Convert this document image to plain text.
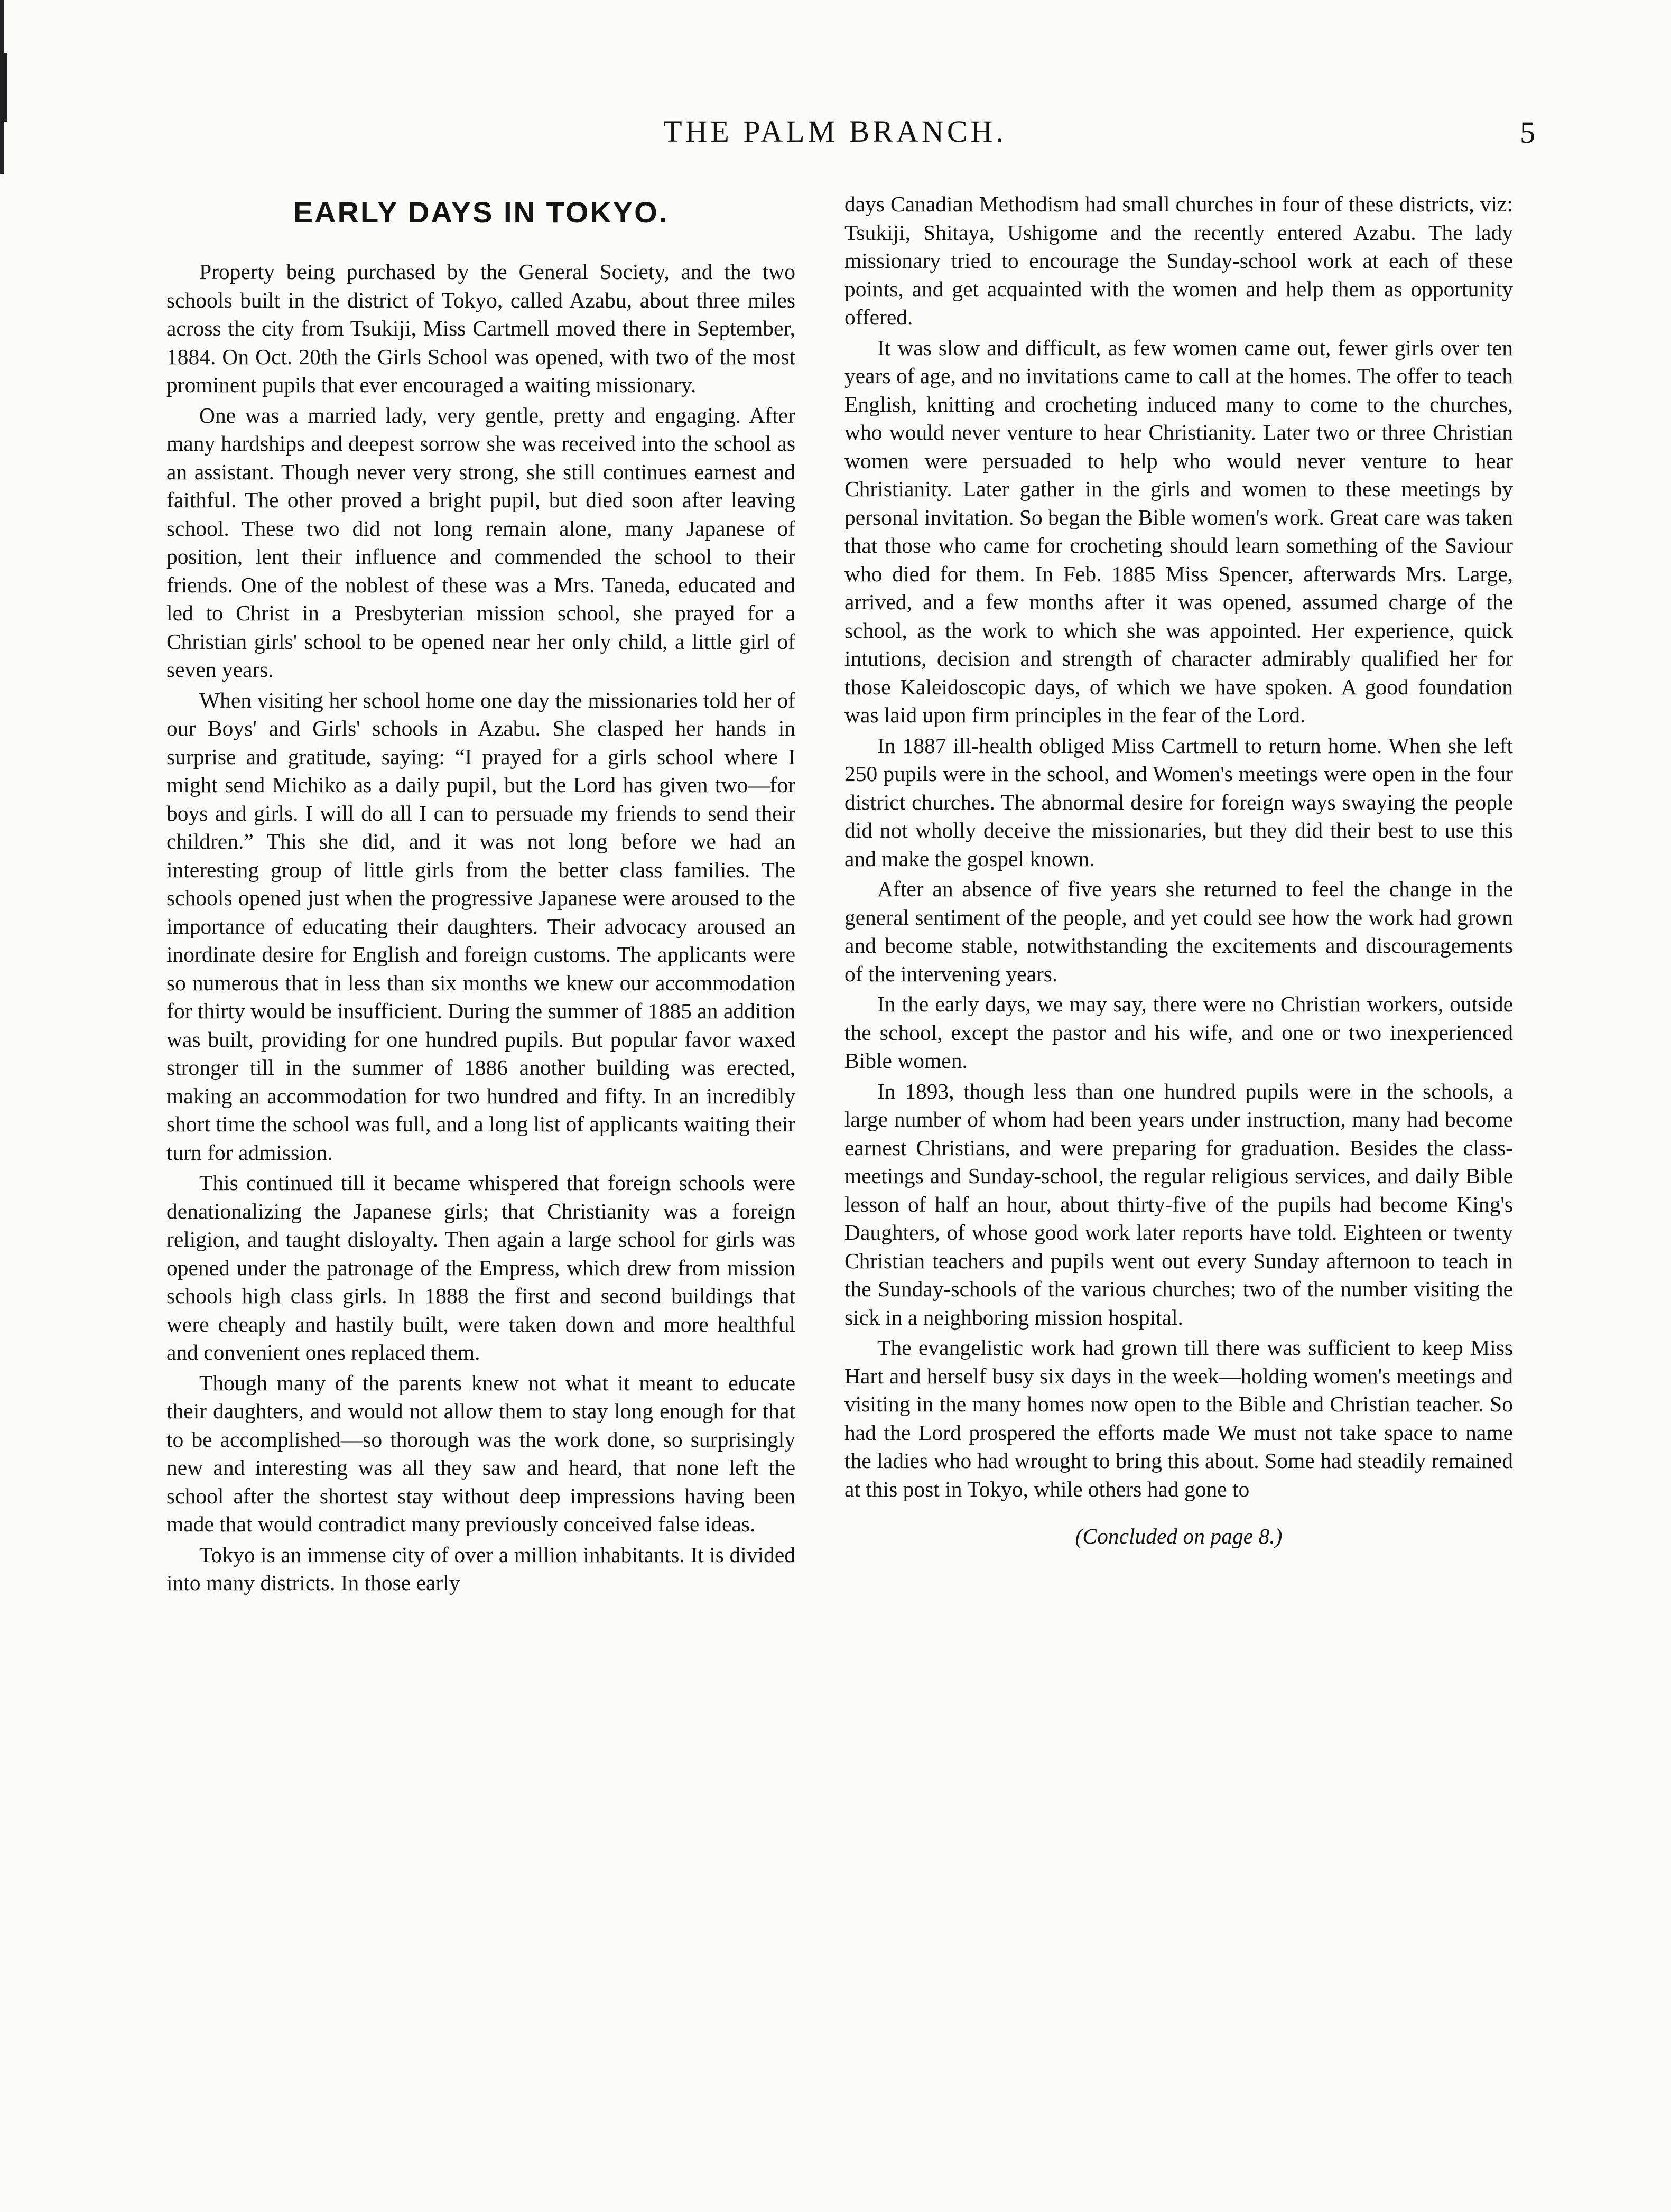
THE PALM BRANCH.	5
EARLY DAYS IN TOKYO.

Property being purchased by the General Society, and the two schools built in the district of Tokyo, called Azabu, about three miles across the city from Tsukiji, Miss Cartmell moved there in September, 1884. On Oct. 20th the Girls School was opened, with two of the most prominent pupils that ever encouraged a waiting missionary.

One was a married lady, very gentle, pretty and engaging. After many hardships and deepest sorrow she was received into the school as an assistant. Though never very strong, she still continues earnest and faithful. The other proved a bright pupil, but died soon after leaving school. These two did not long remain alone, many Japanese of position, lent their influence and commended the school to their friends. One of the noblest of these was a Mrs. Taneda, educated and led to Christ in a Presbyterian mission school, she prayed for a Christian girls' school to be opened near her only child, a little girl of seven years.

When visiting her school home one day the missionaries told her of our Boys' and Girls' schools in Azabu. She clasped her hands in surprise and gratitude, saying: “I prayed for a girls school where I might send Michiko as a daily pupil, but the Lord has given two—for boys and girls. I will do all I can to persuade my friends to send their children.” This she did, and it was not long before we had an interesting group of little girls from the better class families. The schools opened just when the progressive Japanese were aroused to the importance of educating their daughters. Their advocacy aroused an inordinate desire for English and foreign customs. The applicants were so numerous that in less than six months we knew our accommodation for thirty would be insufficient. During the summer of 1885 an addition was built, providing for one hundred pupils. But popular favor waxed stronger till in the summer of 1886 another building was erected, making an accommodation for two hundred and fifty. In an incredibly short time the school was full, and a long list of applicants waiting their turn for admission.

This continued till it became whispered that foreign schools were denationalizing the Japanese girls; that Christianity was a foreign religion, and taught disloyalty. Then again a large school for girls was opened under the patronage of the Empress, which drew from mission schools high class girls. In 1888 the first and second buildings that were cheaply and hastily built, were taken down and more healthful and convenient ones replaced them.

Though many of the parents knew not what it meant to educate their daughters, and would not allow them to stay long enough for that to be accomplished—so thorough was the work done, so surprisingly new and interesting was all they saw and heard, that none left the school after the shortest stay without deep impressions having been made that would contradict many previously conceived false ideas.

Tokyo is an immense city of over a million inhabitants. It is divided into many districts. In those early

days Canadian Methodism had small churches in four of these districts, viz: Tsukiji, Shitaya, Ushigome and the recently entered Azabu. The lady missionary tried to encourage the Sunday-school work at each of these points, and get acquainted with the women and help them as opportunity offered.

It was slow and difficult, as few women came out, fewer girls over ten years of age, and no invitations came to call at the homes. The offer to teach English, knitting and crocheting induced many to come to the churches, who would never venture to hear Christianity. Later two or three Christian women were persuaded to help who would never venture to hear Christianity. Later gather in the girls and women to these meetings by personal invitation. So began the Bible women's work. Great care was taken that those who came for crocheting should learn something of the Saviour who died for them. In Feb. 1885 Miss Spencer, afterwards Mrs. Large, arrived, and a few months after it was opened, assumed charge of the school, as the work to which she was appointed. Her experience, quick intutions, decision and strength of character admirably qualified her for those Kaleidoscopic days, of which we have spoken. A good foundation was laid upon firm principles in the fear of the Lord.

In 1887 ill-health obliged Miss Cartmell to return home. When she left 250 pupils were in the school, and Women's meetings were open in the four district churches. The abnormal desire for foreign ways swaying the people did not wholly deceive the missionaries, but they did their best to use this and make the gospel known.

After an absence of five years she returned to feel the change in the general sentiment of the people, and yet could see how the work had grown and become stable, notwithstanding the excitements and discouragements of the intervening years.

In the early days, we may say, there were no Christian workers, outside the school, except the pastor and his wife, and one or two inexperienced Bible women.

In 1893, though less than one hundred pupils were in the schools, a large number of whom had been years under instruction, many had become earnest Christians, and were preparing for graduation. Besides the class-meetings and Sunday-school, the regular religious services, and daily Bible lesson of half an hour, about thirty-five of the pupils had become King's Daughters, of whose good work later reports have told. Eighteen or twenty Christian teachers and pupils went out every Sunday afternoon to teach in the Sunday-schools of the various churches; two of the number visiting the sick in a neighboring mission hospital.

The evangelistic work had grown till there was sufficient to keep Miss Hart and herself busy six days in the week—holding women's meetings and visiting in the many homes now open to the Bible and Christian teacher. So had the Lord prospered the efforts made We must not take space to name the ladies who had wrought to bring this about. Some had steadily remained at this post in Tokyo, while others had gone to

(Concluded on page 8.)
